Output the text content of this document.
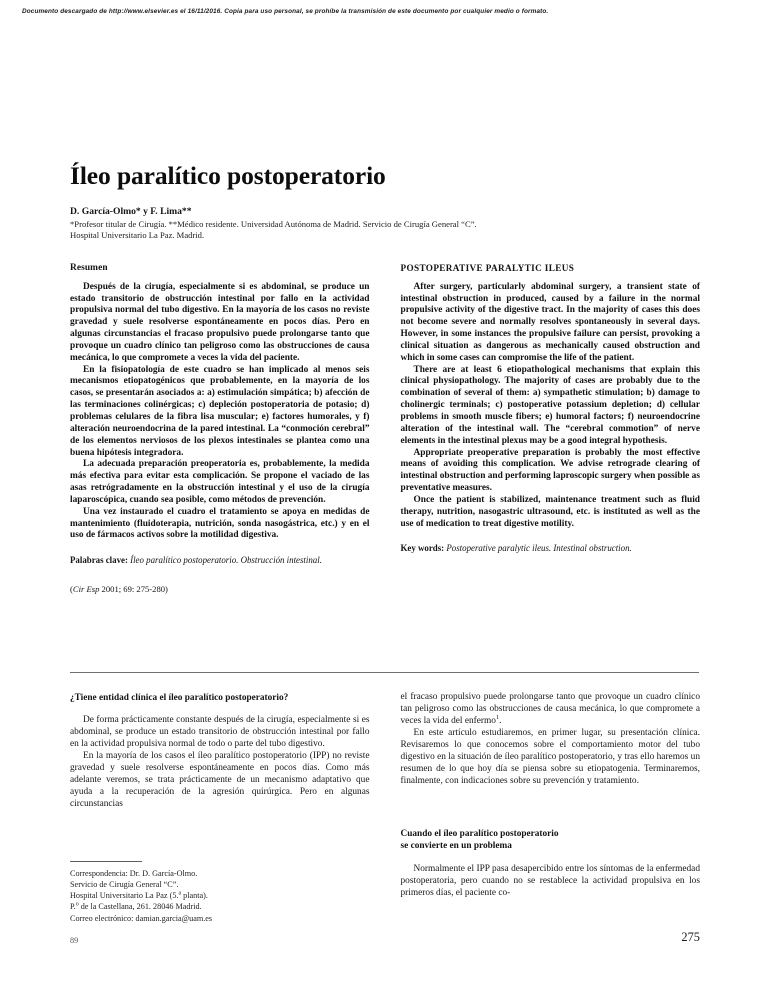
Documento descargado de http://www.elsevier.es el 16/11/2016. Copia para uso personal, se prohíbe la transmisión de este documento por cualquier medio o formato.
Íleo paralítico postoperatorio

D. García-Olmo* y F. Lima**

*Profesor titular de Cirugía. **Médico residente. Universidad Autónoma de Madrid. Servicio de Cirugía General “C”.

Hospital Universitario La Paz. Madrid.

Resumen

Después de la cirugía, especialmente si es abdominal, se produce un estado transitorio de obstrucción intestinal por fallo en la actividad propulsiva normal del tubo digestivo. En la mayoría de los casos no reviste gravedad y suele resolverse espontáneamente en pocos días. Pero en algunas circunstancias el fracaso propulsivo puede prolongarse tanto que provoque un cuadro clínico tan peligroso como las obstrucciones de causa mecánica, lo que compromete a veces la vida del paciente.

En la fisiopatología de este cuadro se han implicado al menos seis mecanismos etiopatogénicos que probablemente, en la mayoría de los casos, se presentarán asociados a: a) estimulación simpática; b) afección de las terminaciones colinérgicas; c) depleción postoperatoria de potasio; d) problemas celulares de la fibra lisa muscular; e) factores humorales, y f) alteración neuroendocrina de la pared intestinal. La “conmoción cerebral” de los elementos nerviosos de los plexos intestinales se plantea como una buena hipótesis integradora.

La adecuada preparación preoperatoria es, probablemente, la medida más efectiva para evitar esta complicación. Se propone el vaciado de las asas retrógradamente en la obstrucción intestinal y el uso de la cirugía laparoscópica, cuando sea posible, como métodos de prevención.

Una vez instaurado el cuadro el tratamiento se apoya en medidas de mantenimiento (fluidoterapia, nutrición, sonda nasogástrica, etc.) y en el uso de fármacos activos sobre la motilidad digestiva.

Palabras clave: Íleo paralítico postoperatorio. Obstrucción intestinal.

(Cir Esp 2001; 69: 275-280)

POSTOPERATIVE PARALYTIC ILEUS

After surgery, particularly abdominal surgery, a transient state of intestinal obstruction in produced, caused by a failure in the normal propulsive activity of the digestive tract. In the majority of cases this does not become severe and normally resolves spontaneously in several days. However, in some instances the propulsive failure can persist, provoking a clinical situation as dangerous as mechanically caused obstruction and which in some cases can compromise the life of the patient.

There are at least 6 etiopathological mechanisms that explain this clinical physiopathology. The majority of cases are probably due to the combination of several of them: a) sympathetic stimulation; b) damage to cholinergic terminals; c) postoperative potassium depletion; d) cellular problems in smooth muscle fibers; e) humoral factors; f) neuroendocrine alteration of the intestinal wall. The “cerebral commotion” of nerve elements in the intestinal plexus may be a good integral hypothesis.

Appropriate preoperative preparation is probably the most effective means of avoiding this complication. We advise retrograde clearing of intestinal obstruction and performing laproscopic surgery when possible as preventative measures.

Once the patient is stabilized, maintenance treatment such as fluid therapy, nutrition, nasogastric ultrasound, etc. is instituted as well as the use of medication to treat digestive motility.

Key words: Postoperative paralytic ileus. Intestinal obstruction.

¿Tiene entidad clínica el íleo paralítico postoperatorio?

De forma prácticamente constante después de la cirugía, especialmente si es abdominal, se produce un estado transitorio de obstrucción intestinal por fallo en la actividad propulsiva normal de todo o parte del tubo digestivo.

En la mayoría de los casos el íleo paralítico postoperatorio (IPP) no reviste gravedad y suele resolverse espontáneamente en pocos días. Como más adelante veremos, se trata prácticamente de un mecanismo adaptativo que ayuda a la recuperación de la agresión quirúrgica. Pero en algunas circunstancias

el fracaso propulsivo puede prolongarse tanto que provoque un cuadro clínico tan peligroso como las obstrucciones de causa mecánica, lo que compromete a veces la vida del enfermo$^1$.

En este artículo estudiaremos, en primer lugar, su presentación clínica. Revisaremos lo que conocemos sobre el comportamiento motor del tubo digestivo en la situación de íleo paralítico postoperatorio, y tras ello haremos un resumen de lo que hoy día se piensa sobre su etiopatogenia. Terminaremos, finalmente, con indicaciones sobre su prevención y tratamiento.

Cuando el íleo paralítico postoperatorio
se convierte en un problema

Normalmente el IPP pasa desapercibido entre los síntomas de la enfermedad postoperatoria, pero cuando no se restablece la actividad propulsiva en los primeros días, el paciente co-

Correspondencia: Dr. D. García-Olmo.

Servicio de Cirugía General “C”.

Hospital Universitario La Paz (5.$^a$ planta).

P.$^o$ de la Castellana, 261. 28046 Madrid.

Correo electrónico: damian.garcia@uam.es

89	275
